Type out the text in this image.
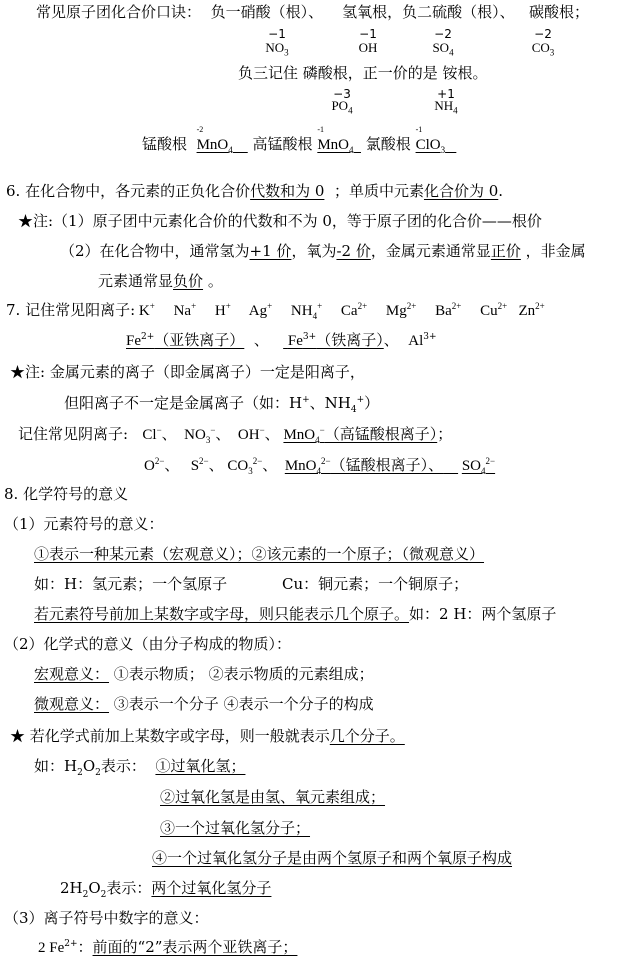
常见原子团化合价口诀： 负一硝酸（根）、 氢氧根，负二硫酸（根）、 碳酸根；
−1
$NO_3$
−1
OH
−2
$SO_4$
−2
$CO_3$
负三记住 磷酸根，正一价的是 铵根。
−3
$PO_4$
+1
$NH_4$
锰酸根
-2
MnO$_4$ 高锰酸根
-1
MnO$_4$ 氯酸根
-1
ClO$_3$
6. 在化合物中，各元素的正负化合价代数和为 0 ；单质中元素化合价为 0.
★注:（1）原子团中元素化合价的代数和不为 0，等于原子团的化合价——根价
（2）在化合物中，通常氢为+1 价，氧为-2 价，金属元素通常显正价 ，非金属
元素通常显负价 。
7. 记住常见阳离子: K+ Na+ H+ Ag+ $NH_4^+$ $Ca^{2+}$ $Mg^{2+}$ $Ba^{2+}$ $Cu^{2+}$ $Zn^{2+}$
$Fe^{2+}$（亚铁离子）  、    $Fe^{3+}$（铁离子）、  $Al^{3+}$
★注: 金属元素的离子（即金属离子）一定是阳离子，
但阳离子不一定是金属离子（如：H+、$NH_4^+$）
记住常见阴离子: Cl−、  $NO_3^-$、  OH−、 MnO$_4$−（高锰酸根离子）；
$O^{2-}$、   $S^{2-}$、 $CO_3^{2-}$、  MnO$_4^{2-}$（锰酸根离子）、 $SO_4^{2-}$
8. 化学符号的意义
（1）元素符号的意义：
①表示一种某元素（宏观意义）；②该元素的一个原子；（微观意义）
如：H：氢元素；一个氢原子	Cu：铜元素；一个铜原子；
若元素符号前加上某数字或字母，则只能表示几个原子。如：2 H：两个氢原子
（2）化学式的意义（由分子构成的物质）：
宏观意义： ①表示物质； ②表示物质的元素组成；
微观意义： ③表示一个分子 ④表示一个分子的构成
★ 若化学式前加上某数字或字母，则一般就表示几个分子。
如：$H_2O_2$表示： ①过氧化氢；
②过氧化氢是由氢、氧元素组成；
③一个过氧化氢分子；
④一个过氧化氢分子是由两个氢原子和两个氧原子构成
$2H_2O_2$表示：两个过氧化氢分子
（3）离子符号中数字的意义：
2 $Fe^{2+}$：前面的“2”表示两个亚铁离子；
